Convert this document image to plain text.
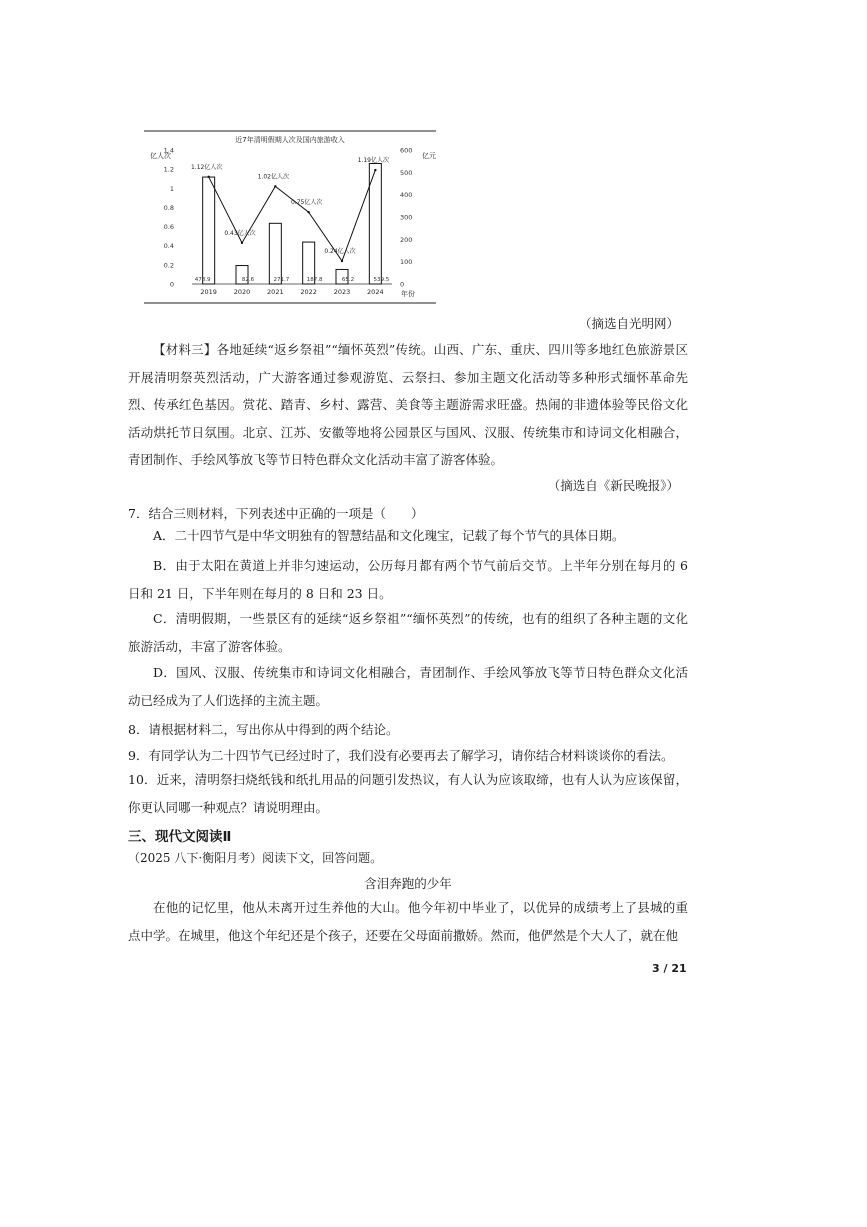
近7年清明假期人次及国内旅游收入
亿人次	亿元
年份
0
0.2
0.4
0.6
0.8
1
1.2
1.4
0
100
200
300
400
500
600
478.9
2019
82.6
2020
271.7
2021
187.8
2022
65.2
2023
539.5
2024
1.12亿人次
0.43亿人次
1.02亿人次
0.75亿人次
0.24亿人次
1.19亿人次
（摘选自光明网）

【材料三】各地延续“返乡祭祖”“缅怀英烈”传统。山西、广东、重庆、四川等多地红色旅游景区开展清明祭英烈活动，广大游客通过参观游览、云祭扫、参加主题文化活动等多种形式缅怀革命先烈、传承红色基因。赏花、踏青、乡村、露营、美食等主题游需求旺盛。热闹的非遗体验等民俗文化活动烘托节日氛围。北京、江苏、安徽等地将公园景区与国风、汉服、传统集市和诗词文化相融合，青团制作、手绘风筝放飞等节日特色群众文化活动丰富了游客体验。

（摘选自《新民晚报》）
7．结合三则材料，下列表述中正确的一项是（　　）

A．二十四节气是中华文明独有的智慧结晶和文化瑰宝，记载了每个节气的具体日期。

B．由于太阳在黄道上并非匀速运动，公历每月都有两个节气前后交节。上半年分别在每月的 6 日和 21 日，下半年则在每月的 8 日和 23 日。

C．清明假期，一些景区有的延续“返乡祭祖”“缅怀英烈”的传统，也有的组织了各种主题的文化旅游活动，丰富了游客体验。

D．国风、汉服、传统集市和诗词文化相融合，青团制作、手绘风筝放飞等节日特色群众文化活动已经成为了人们选择的主流主题。

8．请根据材料二，写出你从中得到的两个结论。
9．有同学认为二十四节气已经过时了，我们没有必要再去了解学习，请你结合材料谈谈你的看法。

10．近来，清明祭扫烧纸钱和纸扎用品的问题引发热议，有人认为应该取缔，也有人认为应该保留，你更认同哪一种观点？请说明理由。

三、现代文阅读Ⅱ
（2025 八下·衡阳月考）阅读下文，回答问题。
含泪奔跑的少年

在他的记忆里，他从未离开过生养他的大山。他今年初中毕业了，以优异的成绩考上了县城的重点中学。在城里，他这个年纪还是个孩子，还要在父母面前撒娇。然而，他俨然是个大人了，就在他

3 / 21
